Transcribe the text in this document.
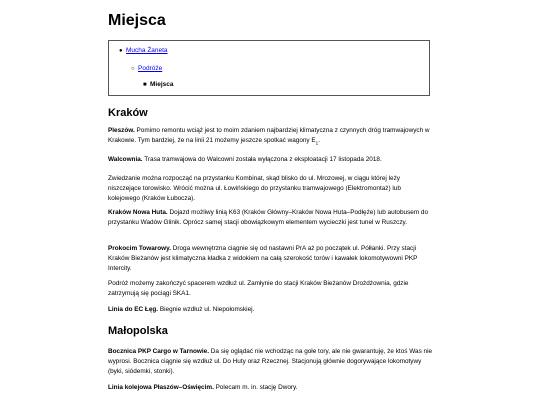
Miejsca
● Mucha Żaneta
○ Podróże
■ Miejsca
Kraków

Pleszów. Pomimo remontu wciąż jest to moim zdaniem najbardziej klimatyczna z czynnych dróg tramwajowych w Krakowie. Tym bardziej, że na linii 21 możemy jeszcze spotkać wagony $E_1$.

Walcownia. Trasa tramwajowa do Walcowni została wyłączona z eksploatacji 17 listopada 2018.

Zwiedzanie można rozpocząć na przystanku Kombinat, skąd blisko do ul. Mrozowej, w ciągu której leży niszczejące torowisko. Wrócić można ul. Łowińskiego do przystanku tramwajowego (Elektromontaż) lub kolejowego (Kraków Łubocza).

Kraków Nowa Huta. Dojazd możliwy linią K63 (Kraków Główny–Kraków Nowa Huta–Podłęże) lub autobusem do przystanku Wadów Glinik. Oprócz samej stacji obowiązkowym elementem wycieczki jest tunel w Ruszczy.

Prokocim Towarowy. Droga wewnętrzna ciągnie się od nastawni PrA aż po początek ul. Półłanki. Przy stacji Kraków Bieżanów jest klimatyczna kładka z widokiem na całą szerokość torów i kawałek lokomotywowni PKP Intercity.

Podróż możemy zakończyć spacerem wzdłuż ul. Zamłynie do stacji Kraków Bieżanów Drożdżownia, gdzie zatrzymują się pociągi SKA1.

Linia do EC Łęg. Biegnie wzdłuż ul. Niepołomskiej.

Małopolska

Bocznica PKP Cargo w Tarnowie. Da się oglądać nie wchodząc na gołe tory, ale nie gwarantuję, że ktoś Was nie wyprosi. Bocznica ciągnie się wzdłuż ul. Do Huty oraz Rzecznej. Stacjonują głównie dogorywające lokomotywy (byki, siódemki, stonki).

Linia kolejowa Płaszów–Oświęcim. Polecam m. in. stację Dwory.
